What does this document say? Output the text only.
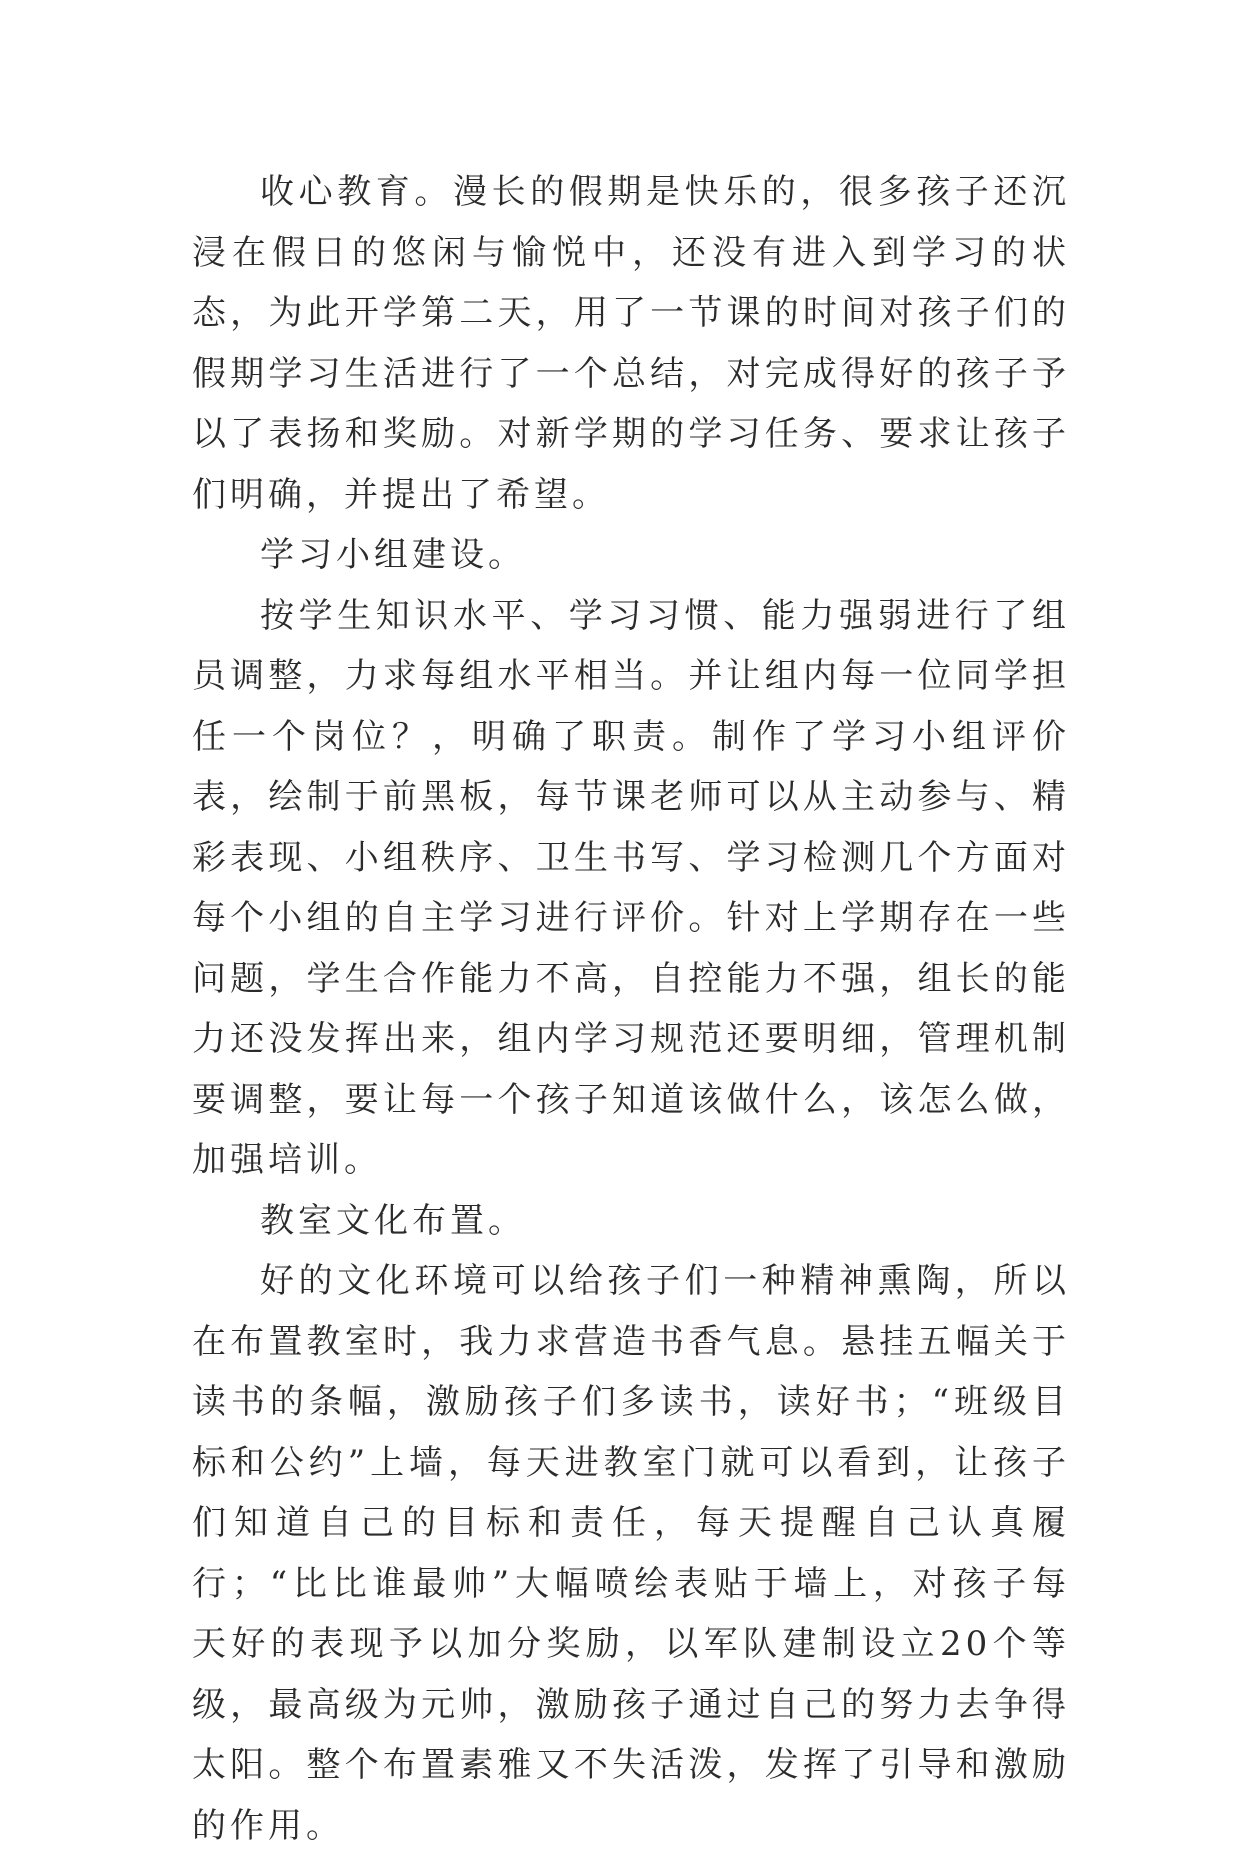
收心教育。漫长的假期是快乐的，很多孩子还沉浸在假日的悠闲与愉悦中，还没有进入到学习的状态，为此开学第二天，用了一节课的时间对孩子们的假期学习生活进行了一个总结，对完成得好的孩子予以了表扬和奖励。对新学期的学习任务、要求让孩子们明确，并提出了希望。

学习小组建设。

按学生知识水平、学习习惯、能力强弱进行了组员调整，力求每组水平相当。并让组内每一位同学担任一个岗位？，明确了职责。制作了学习小组评价表，绘制于前黑板，每节课老师可以从主动参与、精彩表现、小组秩序、卫生书写、学习检测几个方面对每个小组的自主学习进行评价。针对上学期存在一些问题，学生合作能力不高，自控能力不强，组长的能力还没发挥出来，组内学习规范还要明细，管理机制要调整，要让每一个孩子知道该做什么，该怎么做，加强培训。

教室文化布置。

好的文化环境可以给孩子们一种精神熏陶，所以在布置教室时，我力求营造书香气息。悬挂五幅关于读书的条幅，激励孩子们多读书，读好书；“班级目标和公约”上墙，每天进教室门就可以看到，让孩子们知道自己的目标和责任，每天提醒自己认真履行；“比比谁最帅”大幅喷绘表贴于墙上，对孩子每天好的表现予以加分奖励，以军队建制设立20个等级，最高级为元帅，激励孩子通过自己的努力去争得太阳。整个布置素雅又不失活泼，发挥了引导和激励的作用。
